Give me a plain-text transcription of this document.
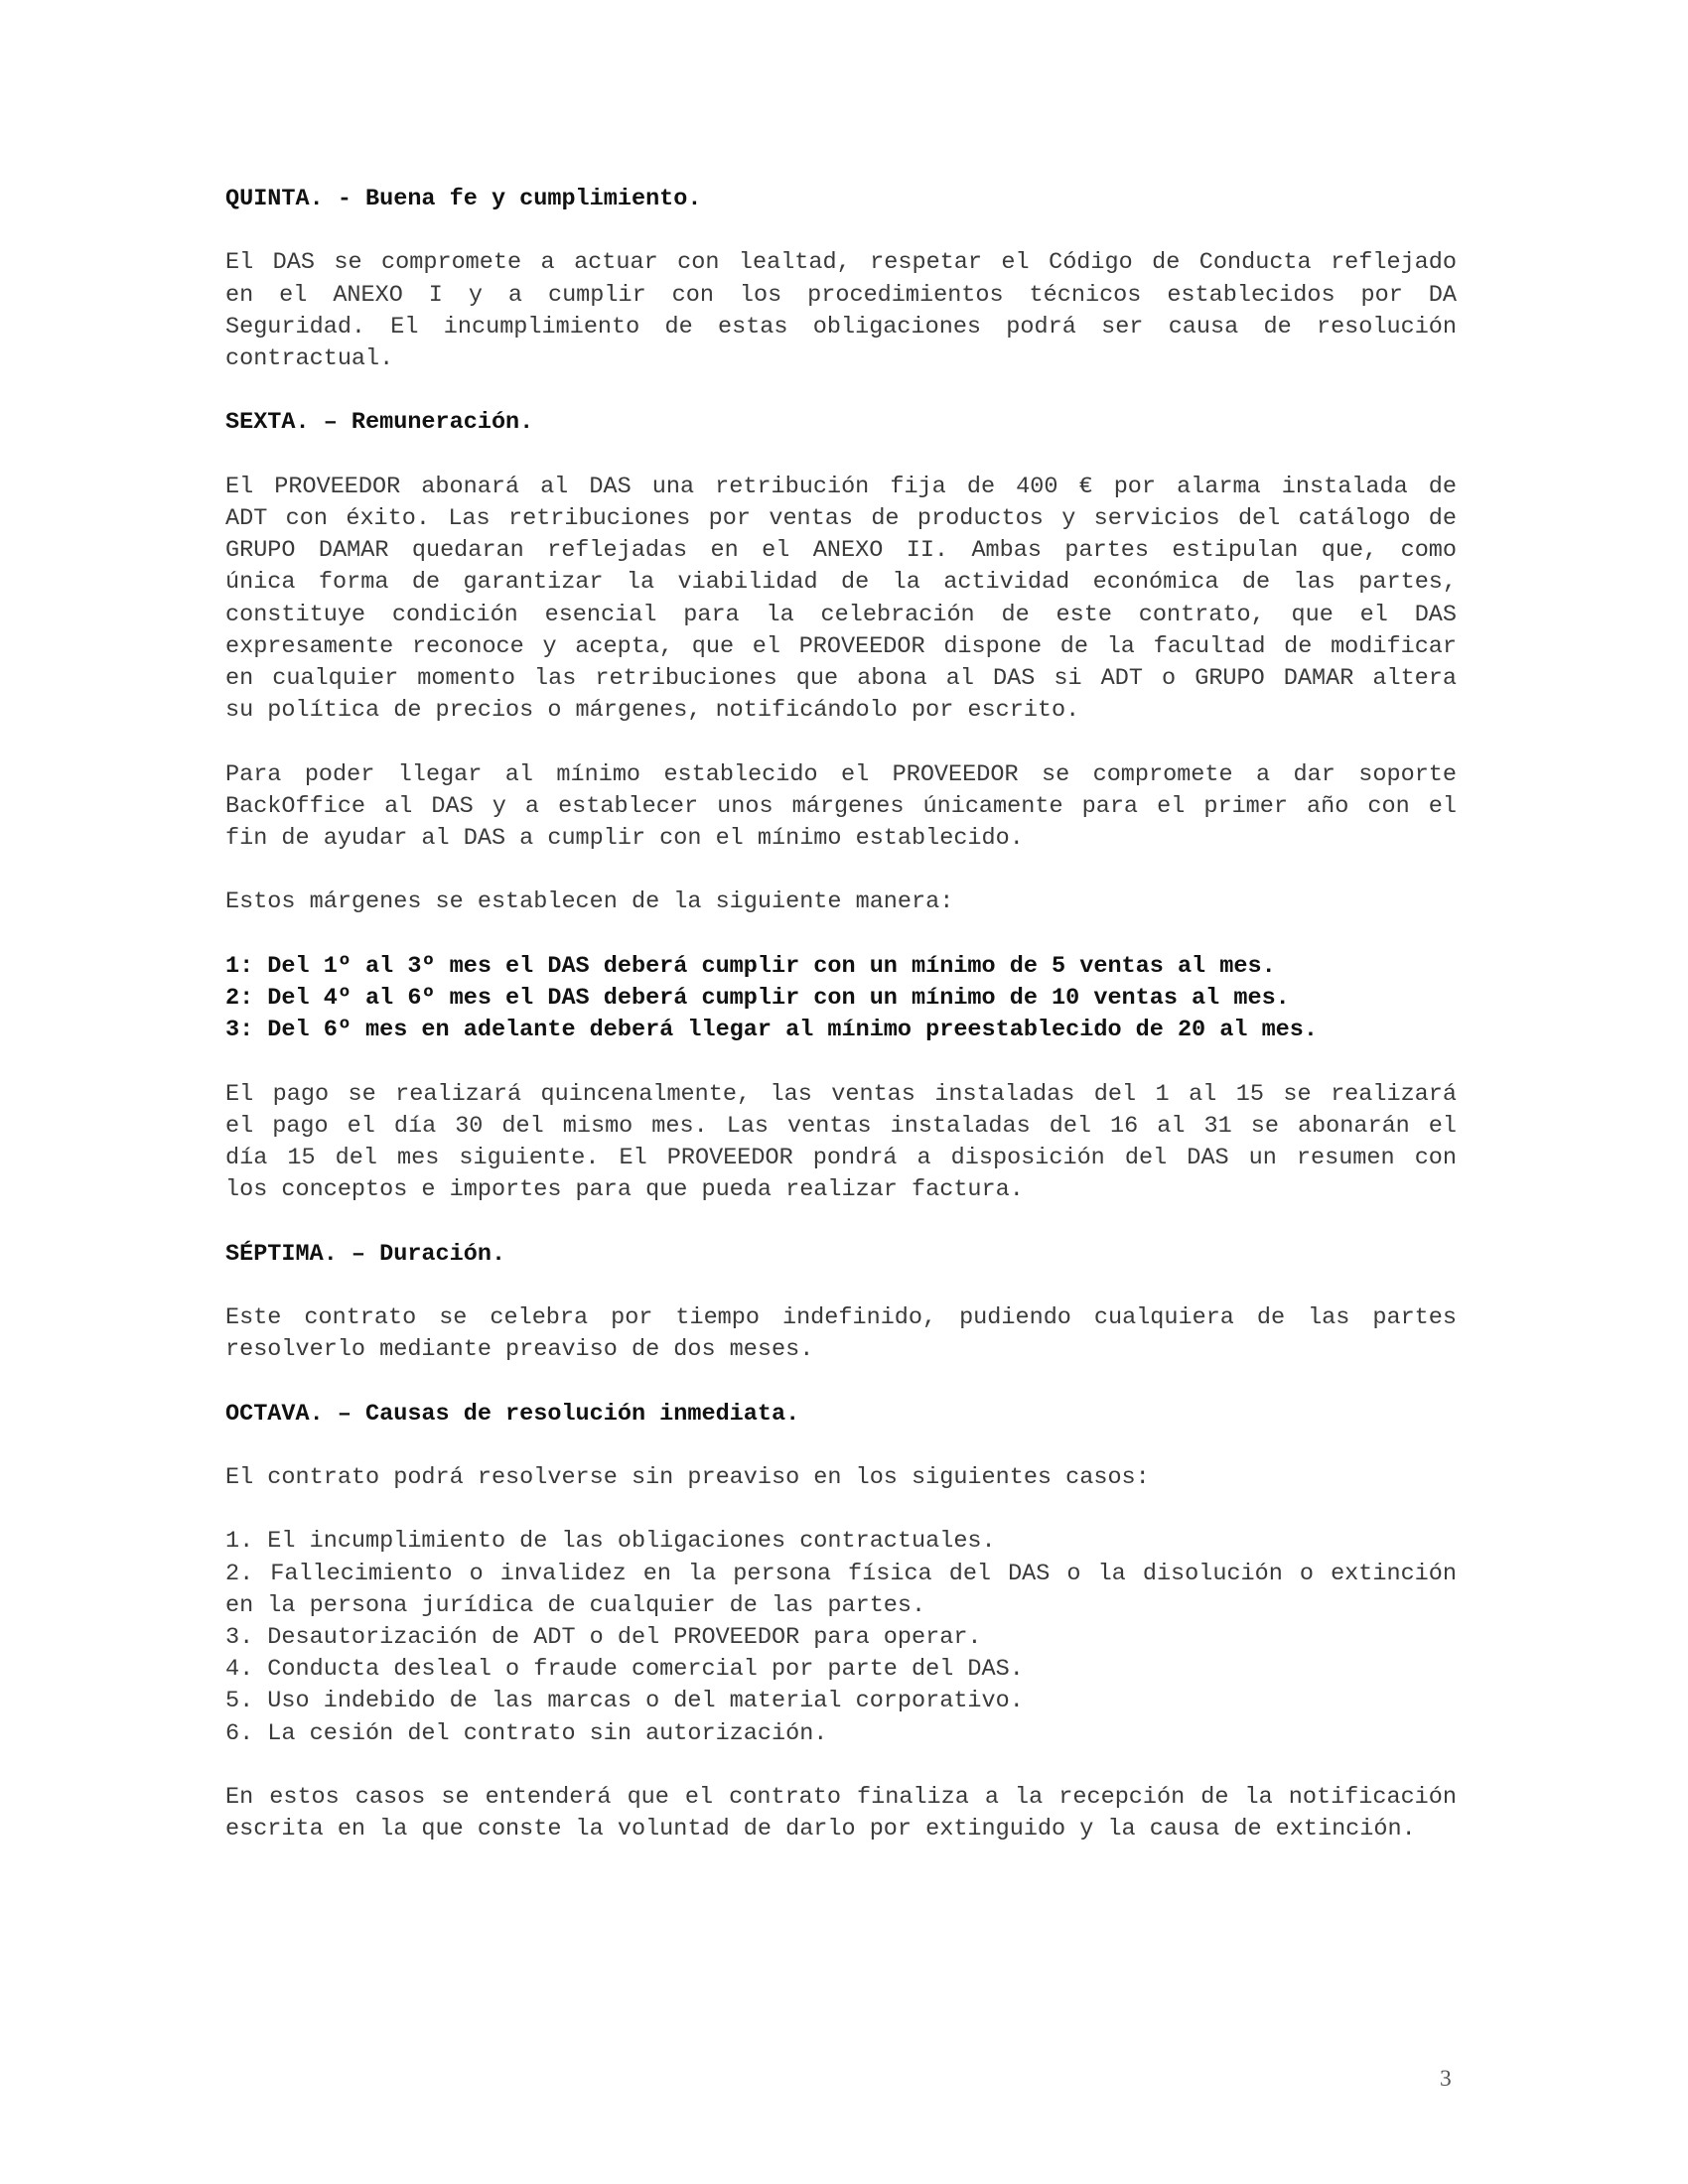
QUINTA. - Buena fe y cumplimiento.
El DAS se compromete a actuar con lealtad, respetar el Código de Conducta reflejado
en el ANEXO I y a cumplir con los procedimientos técnicos establecidos por DA
Seguridad. El incumplimiento de estas obligaciones podrá ser causa de resolución
contractual.
SEXTA. – Remuneración.
El PROVEEDOR abonará al DAS una retribución fija de 400 € por alarma instalada de
ADT con éxito. Las retribuciones por ventas de productos y servicios del catálogo de
GRUPO DAMAR quedaran reflejadas en el ANEXO II. Ambas partes estipulan que, como
única forma de garantizar la viabilidad de la actividad económica de las partes,
constituye condición esencial para la celebración de este contrato, que el DAS
expresamente reconoce y acepta, que el PROVEEDOR dispone de la facultad de modificar
en cualquier momento las retribuciones que abona al DAS si ADT o GRUPO DAMAR altera
su política de precios o márgenes, notificándolo por escrito.
Para poder llegar al mínimo establecido el PROVEEDOR se compromete a dar soporte
BackOffice al DAS y a establecer unos márgenes únicamente para el primer año con el
fin de ayudar al DAS a cumplir con el mínimo establecido.
Estos márgenes se establecen de la siguiente manera:
1: Del 1º al 3º mes el DAS deberá cumplir con un mínimo de 5 ventas al mes.
2: Del 4º al 6º mes el DAS deberá cumplir con un mínimo de 10 ventas al mes.
3: Del 6º mes en adelante deberá llegar al mínimo preestablecido de 20 al mes.
El pago se realizará quincenalmente, las ventas instaladas del 1 al 15 se realizará
el pago el día 30 del mismo mes. Las ventas instaladas del 16 al 31 se abonarán el
día 15 del mes siguiente. El PROVEEDOR pondrá a disposición del DAS un resumen con
los conceptos e importes para que pueda realizar factura.
SÉPTIMA. – Duración.
Este contrato se celebra por tiempo indefinido, pudiendo cualquiera de las partes
resolverlo mediante preaviso de dos meses.
OCTAVA. – Causas de resolución inmediata.
El contrato podrá resolverse sin preaviso en los siguientes casos:
1. El incumplimiento de las obligaciones contractuales.
2. Fallecimiento o invalidez en la persona física del DAS o la disolución o extinción
en la persona jurídica de cualquier de las partes.
3. Desautorización de ADT o del PROVEEDOR para operar.
4. Conducta desleal o fraude comercial por parte del DAS.
5. Uso indebido de las marcas o del material corporativo.
6. La cesión del contrato sin autorización.
En estos casos se entenderá que el contrato finaliza a la recepción de la notificación
escrita en la que conste la voluntad de darlo por extinguido y la causa de extinción.
3
